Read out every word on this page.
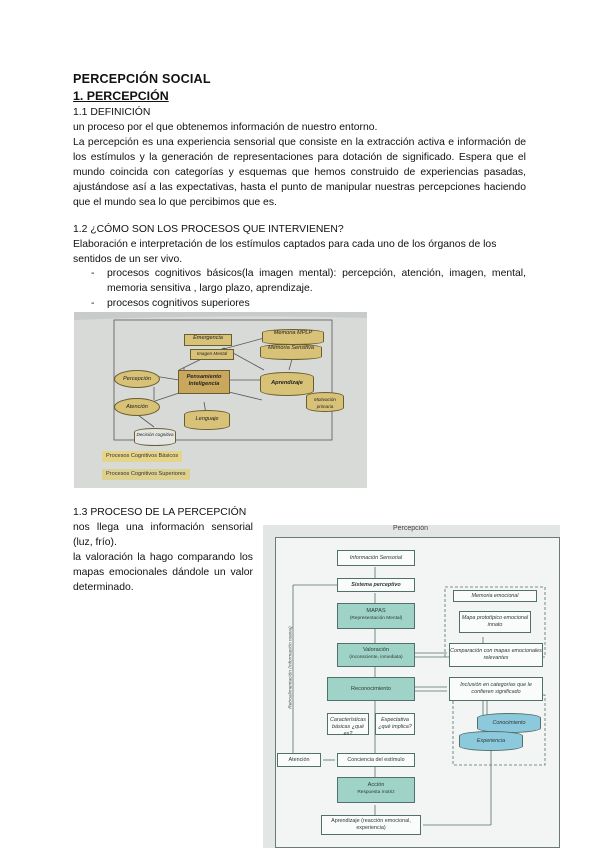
PERCEPCIÓN SOCIAL
1. PERCEPCIÓN
1.1 DEFINICIÓN

un proceso por el que obtenemos información de nuestro entorno.

La percepción es una experiencia sensorial que consiste en la extracción activa e información de los estímulos y la generación de representaciones para dotación de significado. Espera que el mundo coincida con categorías y esquemas que hemos construido de experiencias pasadas, ajustándose así a las expectativas, hasta el punto de manipular nuestras percepciones haciendo que el mundo sea lo que percibimos que es.

1.2 ¿CÓMO SON LOS PROCESOS QUE INTERVIENEN?
Elaboración e interpretación de los estímulos captados para cada uno de los órganos de los sentidos de un ser vivo.
- procesos cognitivos básicos(la imagen mental): percepción, atención, imagen, mental, memoria sensitiva , largo plazo, aprendizaje.
- procesos cognitivos superiores
Emergencia
Imagen Mental
Memoria MPLP
Memoria Sensitiva
Percepción	Pensamiento Inteligencia	Aprendizaje
Atención
Lenguaje
Motivación primaria
Decisión cognitiva
Procesos Cognitivos Básicos
Procesos Cognitivos Superiores
1.3 PROCESO DE LA PERCEPCIÓN

nos llega una información sensorial (luz, frío).

la valoración la hago comparando los mapas emocionales dándole un valor determinado.

Percepción
Información Sensorial
Sistema perceptivo
MAPAS
(Representación Mental)
Valoración
(inconsciente, inmediata)
Reconocimiento
Características básicas ¿qué es?
Expectativa ¿qué implica?
Conciencia del estímulo
Atención
Acción
Respuesta motriz
Aprendizaje (reacción emocional, experiencia)
Memoria emocional
Mapa prototípico emocional innato
Comparación con mapas emocionales relevantes
Inclusión en categorías que le confieren significado
Conocimiento
Experiencia
Retroalimentación (información nueva)
